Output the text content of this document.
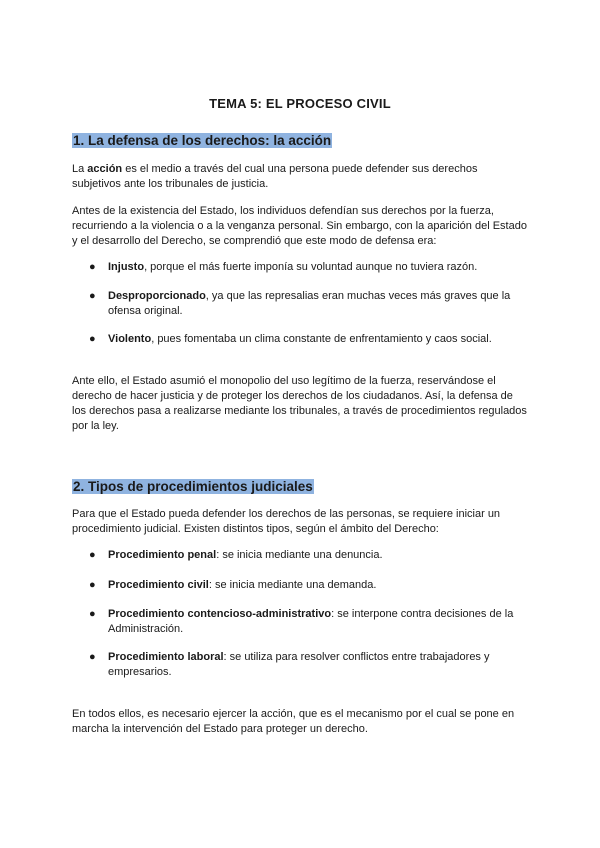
TEMA 5: EL PROCESO CIVIL
1. La defensa de los derechos: la acción

La acción es el medio a través del cual una persona puede defender sus derechos subjetivos ante los tribunales de justicia.

Antes de la existencia del Estado, los individuos defendían sus derechos por la fuerza, recurriendo a la violencia o a la venganza personal. Sin embargo, con la aparición del Estado y el desarrollo del Derecho, se comprendió que este modo de defensa era:

● Injusto, porque el más fuerte imponía su voluntad aunque no tuviera razón.
● Desproporcionado, ya que las represalias eran muchas veces más graves que la ofensa original.
● Violento, pues fomentaba un clima constante de enfrentamiento y caos social.

Ante ello, el Estado asumió el monopolio del uso legítimo de la fuerza, reservándose el derecho de hacer justicia y de proteger los derechos de los ciudadanos. Así, la defensa de los derechos pasa a realizarse mediante los tribunales, a través de procedimientos regulados por la ley.

2. Tipos de procedimientos judiciales

Para que el Estado pueda defender los derechos de las personas, se requiere iniciar un procedimiento judicial. Existen distintos tipos, según el ámbito del Derecho:

● Procedimiento penal: se inicia mediante una denuncia.
● Procedimiento civil: se inicia mediante una demanda.
● Procedimiento contencioso-administrativo: se interpone contra decisiones de la Administración.
● Procedimiento laboral: se utiliza para resolver conflictos entre trabajadores y empresarios.

En todos ellos, es necesario ejercer la acción, que es el mecanismo por el cual se pone en marcha la intervención del Estado para proteger un derecho.
